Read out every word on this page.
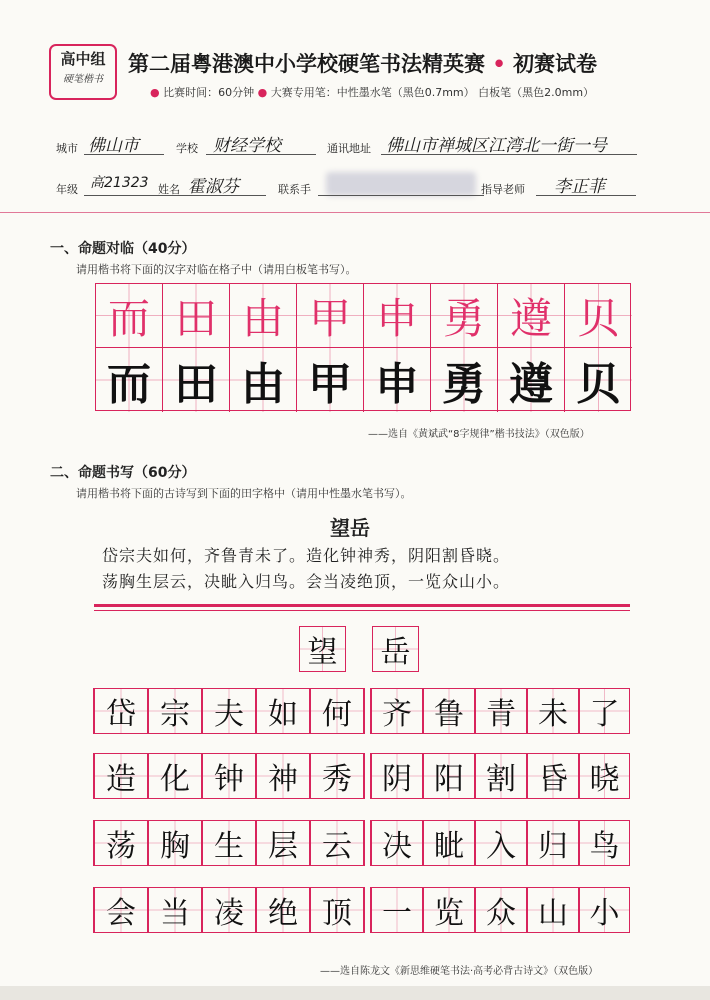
高中组
硬笔楷书
第二届粤港澳中小学校硬笔书法精英赛 • 初赛试卷
● 比赛时间：60分钟 ● 大赛专用笔：中性墨水笔（黑色0.7mm） 白板笔（黑色2.0mm）
城市 佛山市	学校 财经学校	通讯地址 佛山市禅城区江湾北一街一号
年级 高21323 姓名 霍淑芬	联系手	指导老师 李正菲
一、命题对临（40分）
请用楷书将下面的汉字对临在格子中（请用白板笔书写）。
而 田 由 甲 申 勇 遵 贝
而 田 由 甲 申 勇 遵 贝
——选自《黄斌武“8字规律”楷书技法》（双色版）
二、命题书写（60分）
请用楷书将下面的古诗写到下面的田字格中（请用中性墨水笔书写）。
望岳
岱宗夫如何，齐鲁青未了。造化钟神秀，阴阳割昏晓。
荡胸生层云，决眦入归鸟。会当凌绝顶，一览众山小。
望 岳
岱 宗 夫 如 何	齐 鲁 青 未 了
造 化 钟 神 秀	阴 阳 割 昏 晓
荡 胸 生 层 云	决 眦 入 归 鸟
会 当 凌 绝 顶	一 览 众 山 小
——选自陈龙文《新思维硬笔书法·高考必背古诗文》（双色版）
